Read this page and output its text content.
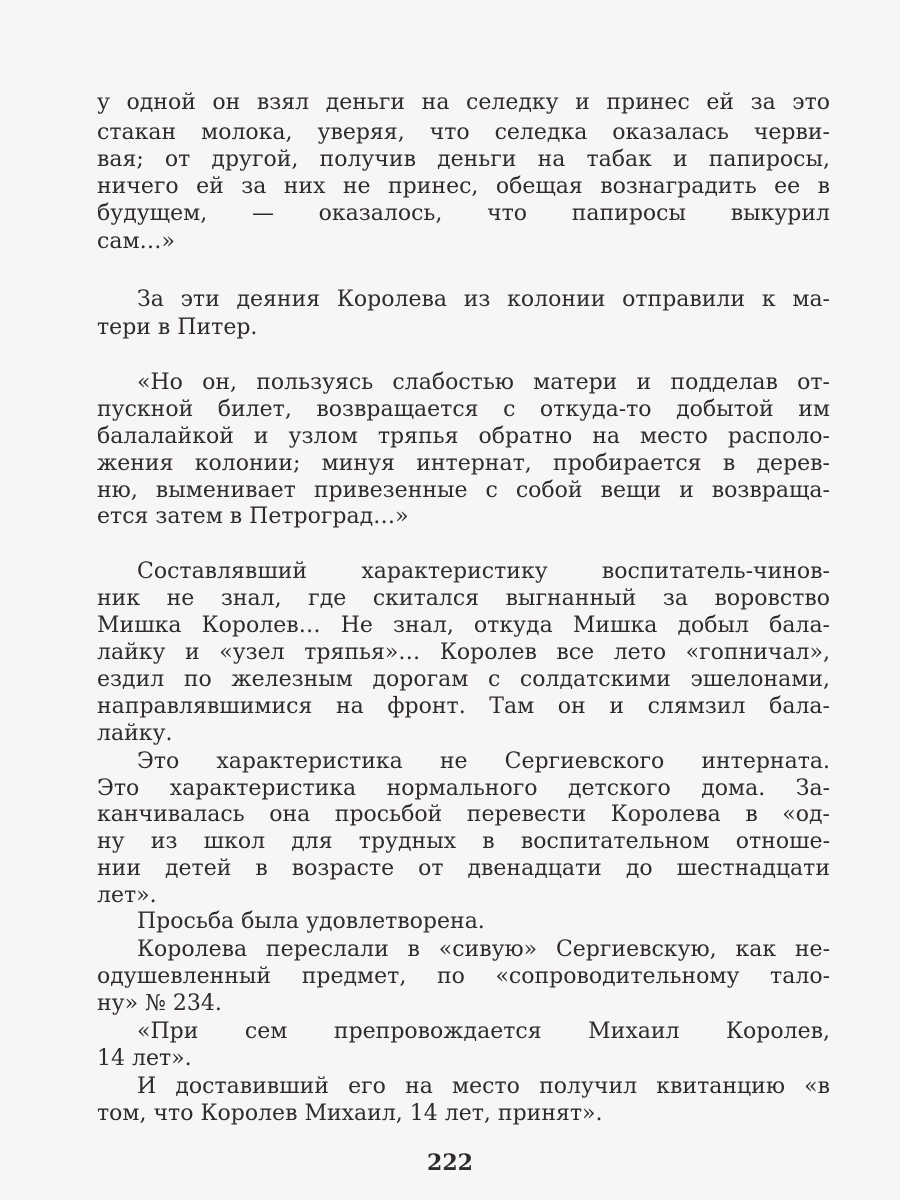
у одной он взял деньги на селедку и принес ей за это
стакан молока, уверяя, что селедка оказалась черви-
вая; от другой, получив деньги на табак и папиросы,
ничего ей за них не принес, обещая вознаградить ее в
будущем, — оказалось, что папиросы выкурил
сам…»
За эти деяния Королева из колонии отправили к ма-
тери в Питер.
«Но он, пользуясь слабостью матери и подделав от-
пускной билет, возвращается с откуда-то добытой им
балалайкой и узлом тряпья обратно на место располо-
жения колонии; минуя интернат, пробирается в дерев-
ню, выменивает привезенные с собой вещи и возвраща-
ется затем в Петроград…»
Составлявший характеристику воспитатель-чинов-
ник не знал, где скитался выгнанный за воровство
Мишка Королев… Не знал, откуда Мишка добыл бала-
лайку и «узел тряпья»… Королев все лето «гопничал»,
ездил по железным дорогам с солдатскими эшелонами,
направлявшимися на фронт. Там он и слямзил бала-
лайку.
Это характеристика не Сергиевского интерната.
Это характеристика нормального детского дома. За-
канчивалась она просьбой перевести Королева в «од-
ну из школ для трудных в воспитательном отноше-
нии детей в возрасте от двенадцати до шестнадцати
лет».
Просьба была удовлетворена.
Королева переслали в «сивую» Сергиевскую, как не-
одушевленный предмет, по «сопроводительному тало-
ну» № 234.
«При сем препровождается Михаил Королев,
14 лет».
И доставивший его на место получил квитанцию «в
том, что Королев Михаил, 14 лет, принят».
222
